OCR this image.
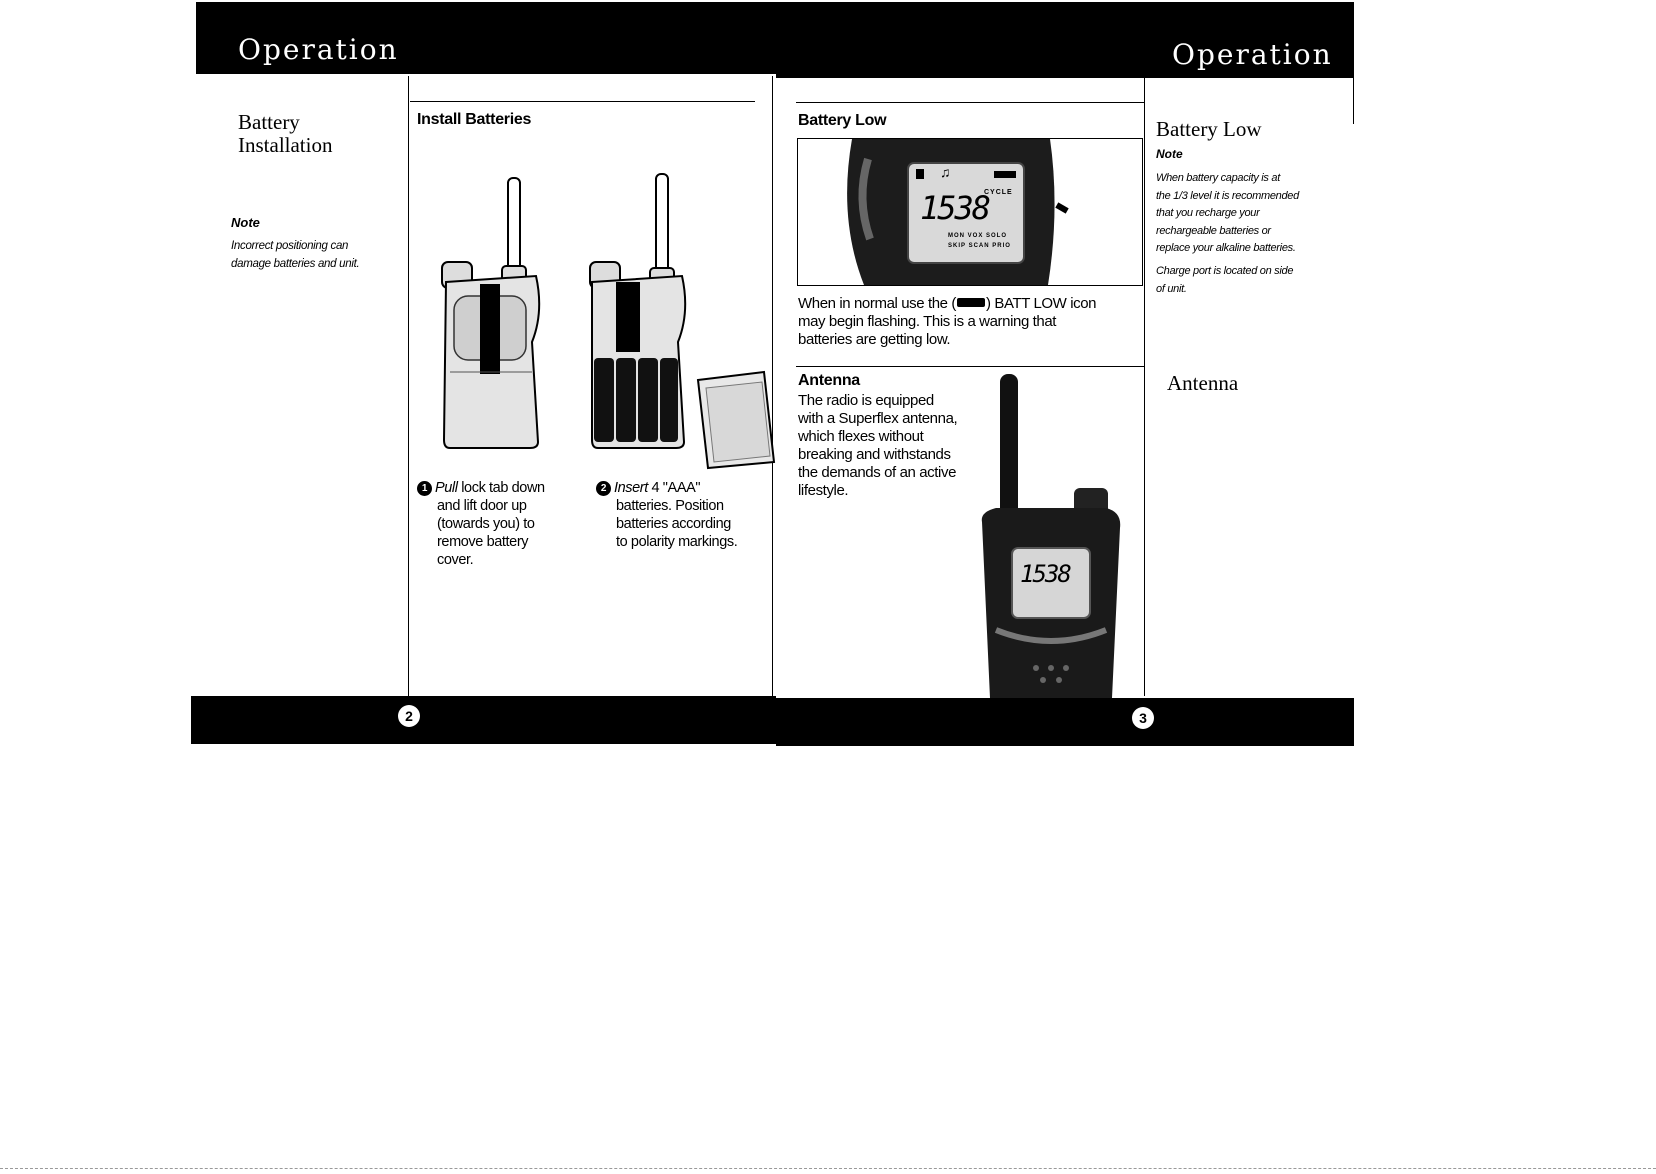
Operation	Operation
Battery
Installation
Note
Incorrect positioning can
damage batteries and unit.
Install Batteries
1 Pull lock tab down
and lift door up
(towards you) to
remove battery
cover.
2 Insert 4 "AAA"
batteries. Position
batteries according
to polarity markings.
Battery Low
♫
CYCLE
1538
MON VOX SOLO
SKIP SCAN PRIO
When in normal use the ( ) BATT LOW icon
may begin flashing. This is a warning that
batteries are getting low.
Antenna
The radio is equipped
with a Superflex antenna,
which flexes without
breaking and withstands
the demands of an active
lifestyle.
1538
Battery Low
Note
When battery capacity is at
the 1/3 level it is recommended
that you recharge your
rechargeable batteries or
replace your alkaline batteries.
Charge port is located on side
of unit.
Antenna
2	3
